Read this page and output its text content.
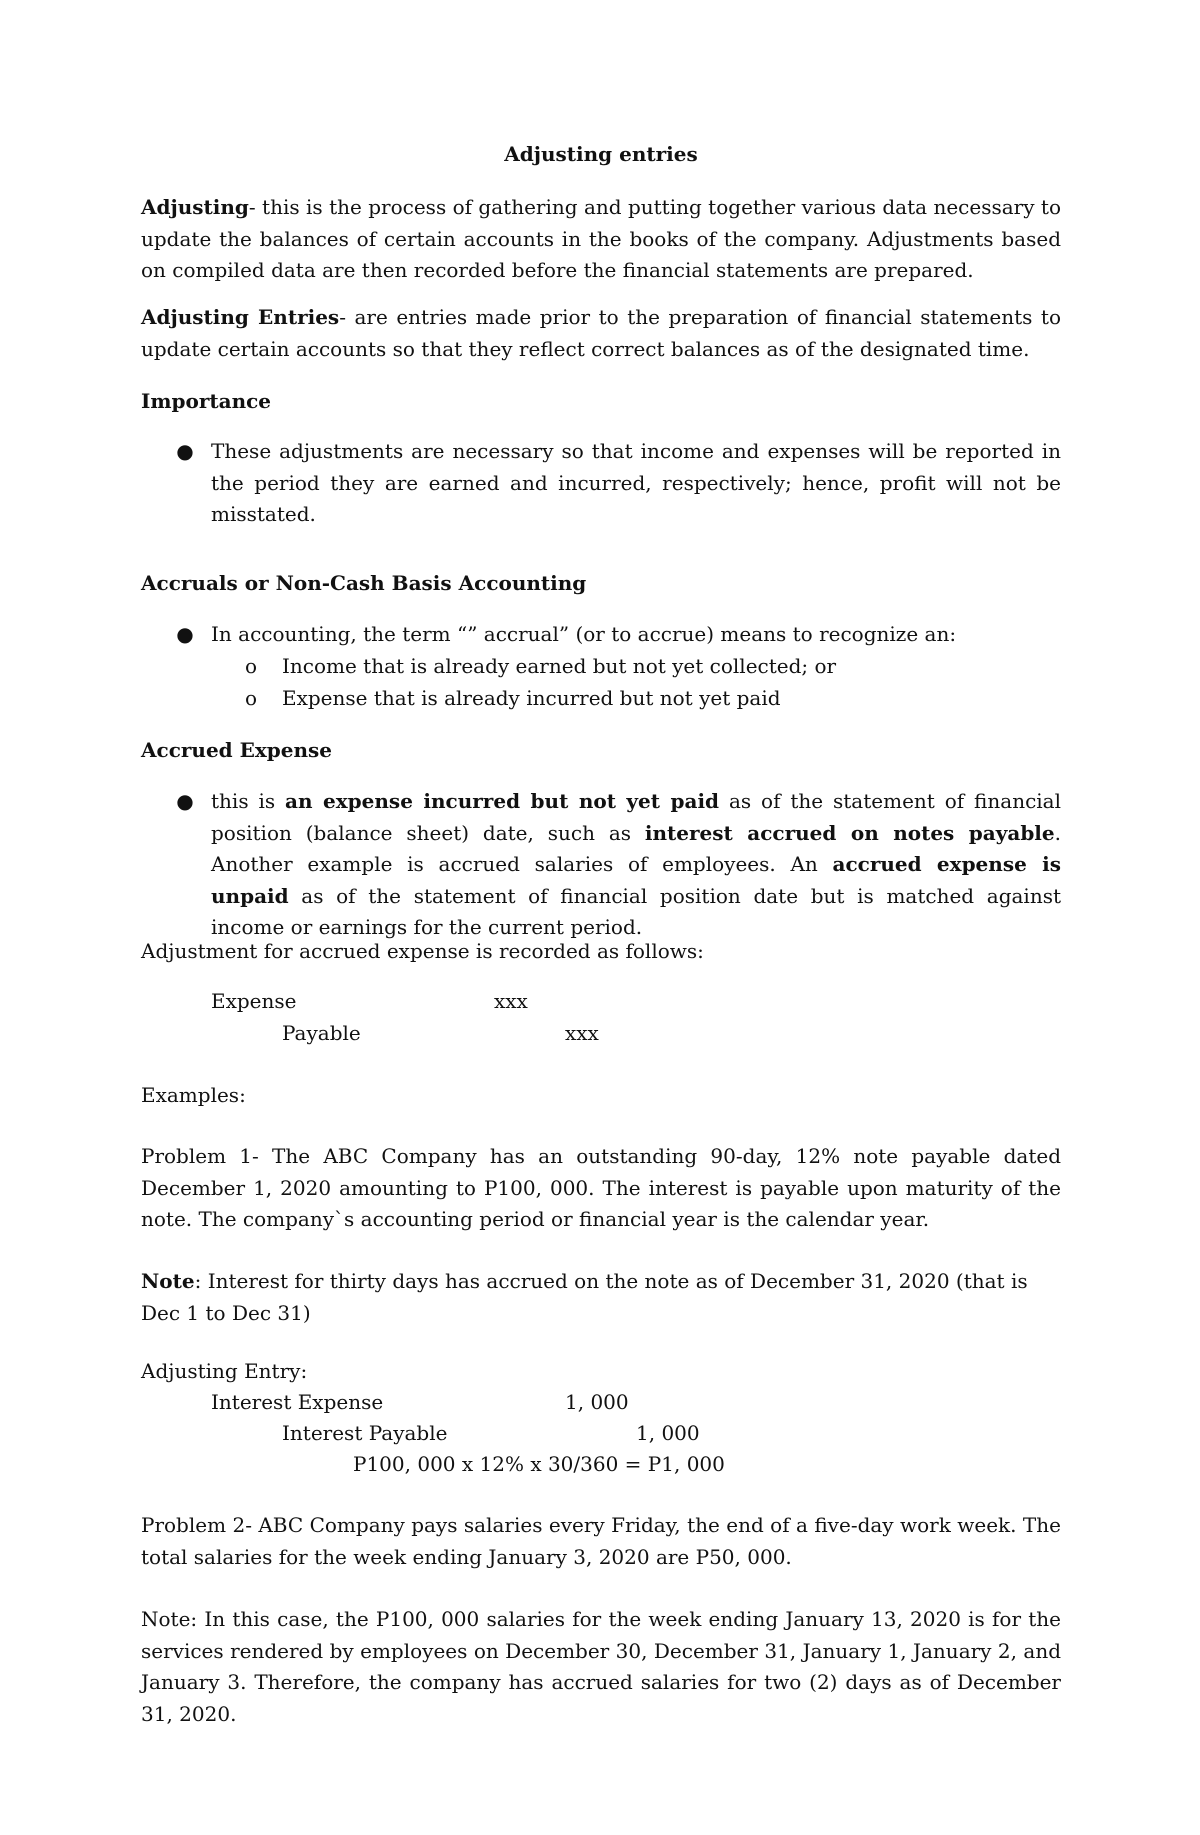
Adjusting entries
Adjusting- this is the process of gathering and putting together various data necessary to update the balances of certain accounts in the books of the company. Adjustments based on compiled data are then recorded before the financial statements are prepared.
Adjusting Entries- are entries made prior to the preparation of financial statements to update certain accounts so that they reflect correct balances as of the designated time.
Importance
● These adjustments are necessary so that income and expenses will be reported in the period they are earned and incurred, respectively; hence, profit will not be misstated.
Accruals or Non-Cash Basis Accounting
● In accounting, the term “” accrual” (or to accrue) means to recognize an:
o Income that is already earned but not yet collected; or
o Expense that is already incurred but not yet paid
Accrued Expense
● this is an expense incurred but not yet paid as of the statement of financial position (balance sheet) date, such as interest accrued on notes payable. Another example is accrued salaries of employees. An accrued expense is unpaid as of the statement of financial position date but is matched against income or earnings for the current period.
Adjustment for accrued expense is recorded as follows:
Expense	xxx
Payable	xxx
Examples:
Problem 1- The ABC Company has an outstanding 90-day, 12% note payable dated December 1, 2020 amounting to P100, 000. The interest is payable upon maturity of the note. The company`s accounting period or financial year is the calendar year.
Note: Interest for thirty days has accrued on the note as of December 31, 2020 (that is Dec 1 to Dec 31)
Adjusting Entry:
Interest Expense	1, 000
Interest Payable	1, 000
P100, 000 x 12% x 30/360 = P1, 000
Problem 2- ABC Company pays salaries every Friday, the end of a five-day work week. The total salaries for the week ending January 3, 2020 are P50, 000.
Note: In this case, the P100, 000 salaries for the week ending January 13, 2020 is for the services rendered by employees on December 30, December 31, January 1, January 2, and January 3. Therefore, the company has accrued salaries for two (2) days as of December 31, 2020.
